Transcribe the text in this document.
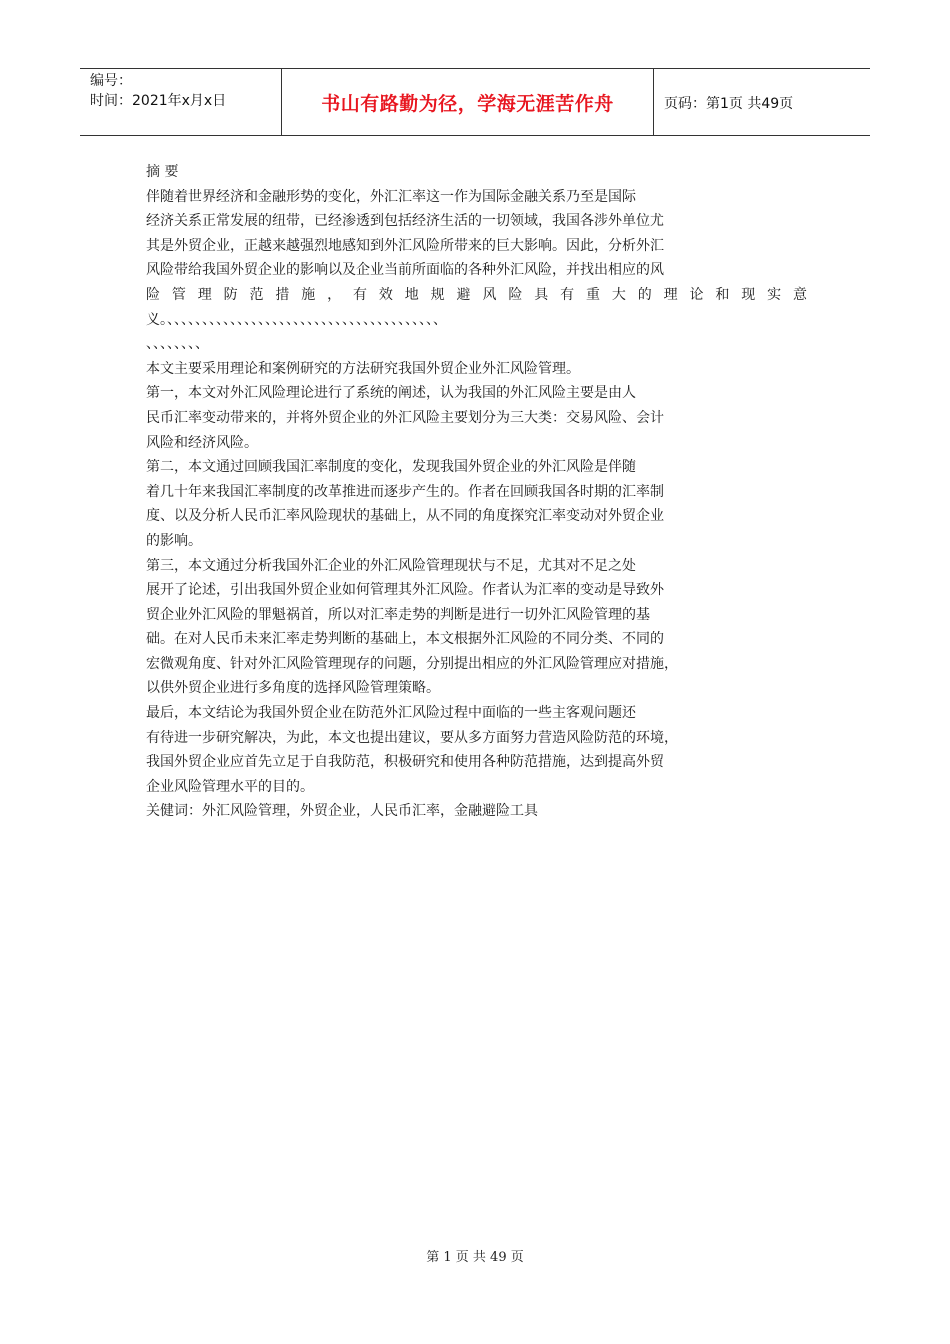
编号：
时间：2021年x月x日	书山有路勤为径，学海无涯苦作舟	页码：第1页 共49页

摘 要

伴随着世界经济和金融形势的变化，外汇汇率这一作为国际金融关系乃至是国际

经济关系正常发展的纽带，已经渗透到包括经济生活的一切领域，我国各涉外单位尤

其是外贸企业，正越来越强烈地感知到外汇风险所带来的巨大影响。因此，分析外汇

风险带给我国外贸企业的影响以及企业当前所面临的各种外汇风险，并找出相应的风

险管理防范措施，有效地规避风险具有重大的理论和现实意

义。、、、、、、、、、、、、、、、、、、、、、、、、、、、、、、、、、、、、、、、

、、、、、、、、

本文主要采用理论和案例研究的方法研究我国外贸企业外汇风险管理。

第一，本文对外汇风险理论进行了系统的阐述，认为我国的外汇风险主要是由人

民币汇率变动带来的，并将外贸企业的外汇风险主要划分为三大类：交易风险、会计

风险和经济风险。

第二，本文通过回顾我国汇率制度的变化，发现我国外贸企业的外汇风险是伴随

着几十年来我国汇率制度的改革推进而逐步产生的。作者在回顾我国各时期的汇率制

度、以及分析人民币汇率风险现状的基础上，从不同的角度探究汇率变动对外贸企业

的影响。

第三，本文通过分析我国外汇企业的外汇风险管理现状与不足，尤其对不足之处

展开了论述，引出我国外贸企业如何管理其外汇风险。作者认为汇率的变动是导致外

贸企业外汇风险的罪魁祸首，所以对汇率走势的判断是进行一切外汇风险管理的基

础。在对人民币未来汇率走势判断的基础上，本文根据外汇风险的不同分类、不同的

宏微观角度、针对外汇风险管理现存的问题，分别提出相应的外汇风险管理应对措施，

以供外贸企业进行多角度的选择风险管理策略。

最后，本文结论为我国外贸企业在防范外汇风险过程中面临的一些主客观问题还

有待进一步研究解决，为此，本文也提出建议，要从多方面努力营造风险防范的环境，

我国外贸企业应首先立足于自我防范，积极研究和使用各种防范措施，达到提高外贸

企业风险管理水平的目的。

关健词：外汇风险管理，外贸企业，人民币汇率，金融避险工具

第 1 页 共 49 页
